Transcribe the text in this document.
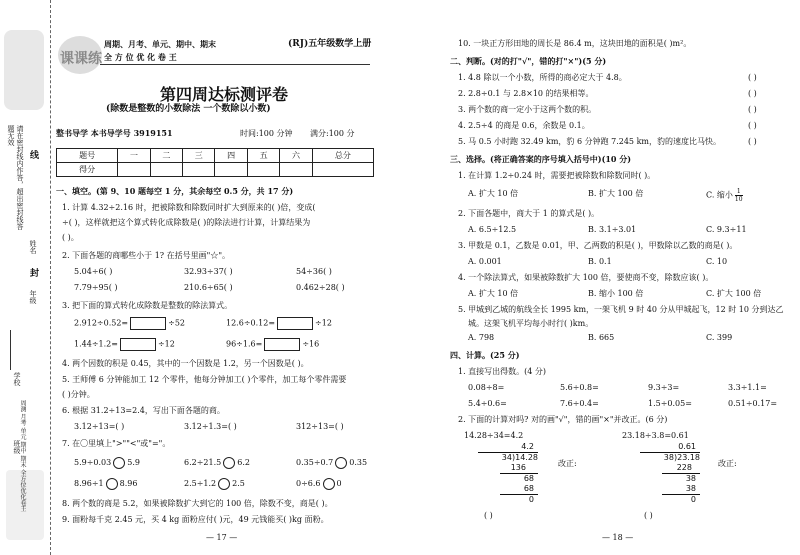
请在密封线内作答，超出密封线答题无效
线
封
学校
班级
年级
姓名
周测 月考 单元 期中 期末 全方位优化卷王
课课练
周期、月考、单元、期中、期末
全 方 位 优 化 卷 王
(RJ)五年级数学上册
第四周达标测评卷
(除数是整数的小数除法 一个数除以小数)
整书导学 本书导学号 3919151	时间:100 分钟 满分:100 分
题号	一	二	三	四	五	六	总分
得分							
一、填空。(第 9、10 题每空 1 分，其余每空 0.5 分，共 17 分)
1. 计算 4.32÷2.16 时，把被除数和除数同时扩大到原来的( )倍，变成(
÷( )，这样就把这个算式转化成除数是( )的除法进行计算，计算结果为
( )。
2. 下面各题的商哪些小于 1? 在括号里画"☆"。
5.04÷6( )	32.93÷37( )	54÷36( )
7.79÷95( )	210.6÷65( )	0.462÷28( )
3. 把下面的算式转化成除数是整数的除法算式。
2.912÷0.52=	÷52	12.6÷0.12=	÷12
1.44÷1.2=	÷12	96÷1.6=	÷16
4. 两个因数的积是 0.45，其中的一个因数是 1.2，另一个因数是( )。
5. 王师傅 6 分钟能加工 12 个零件，他每分钟加工( )个零件，加工每个零件需要
( )分钟。
6. 根据 31.2÷13=2.4，写出下面各题的商。
3.12÷13=( )	3.12÷1.3=( )	312÷13=( )
7. 在〇里填上">""<"或"="。
5.9÷0.03 5.9	6.2÷21.5 6.2	0.35÷0.7 0.35
8.96÷1 8.96	2.5÷1.2 2.5	0÷6.6 0
8. 两个数的商是 5.2，如果被除数扩大到它的 100 倍，除数不变，商是( )。
9. 面粉每千克 2.45 元，买 4 kg 面粉应付( )元，49 元钱能买( )kg 面粉。
— 17 —
10. 一块正方形田地的周长是 86.4 m，这块田地的面积是( )m²。
二、判断。(对的打"√"，错的打"×")(5 分)
1. 4.8 除以一个小数，所得的商必定大于 4.8。	( )
2. 2.8÷0.1 与 2.8×10 的结果相等。	( )
3. 两个数的商一定小于这两个数的积。	( )
4. 2.5÷4 的商是 0.6，余数是 0.1。	( )
5. 马 0.5 小时跑 32.49 km，豹 6 分钟跑 7.245 km，豹的速度比马快。	( )
三、选择。(将正确答案的序号填入括号中)(10 分)
1. 在计算 1.2÷0.24 时，需要把被除数和除数同时( )。
A. 扩大 10 倍	B. 扩大 100 倍	C. 缩小 $\frac{1}{10}$
2. 下面各题中，商大于 1 的算式是( )。
A. 6.5÷12.5	B. 3.1÷3.01	C. 9.3÷11
3. 甲数是 0.1，乙数是 0.01，甲、乙两数的积是( )，甲数除以乙数的商是( )。
A. 0.001	B. 0.1	C. 10
4. 一个除法算式，如果被除数扩大 100 倍，要使商不变，除数应该( )。
A. 扩大 10 倍	B. 缩小 100 倍	C. 扩大 100 倍
5. 甲城到乙城的航线全长 1995 km，一架飞机 9 时 40 分从甲城起飞，12 时 10 分到达乙
城。这架飞机平均每小时行( )km。
A. 798	B. 665	C. 399
四、计算。(25 分)
1. 直接写出得数。(4 分)
0.08÷8=	5.6÷0.8=	9.3÷3=	3.3÷1.1=
5.4÷0.6=	7.6÷0.4=	1.5÷0.05=	0.51÷0.17=
2. 下面的计算对吗? 对的画"√"，错的画"×"并改正。(6 分)
14.28÷34=4.2	23.18÷3.8=0.61
4.2
34)14.28
136
68
68
0
改正:
( )
0.61
38)23.18
228
38
38
0
改正:
( )
— 18 —
